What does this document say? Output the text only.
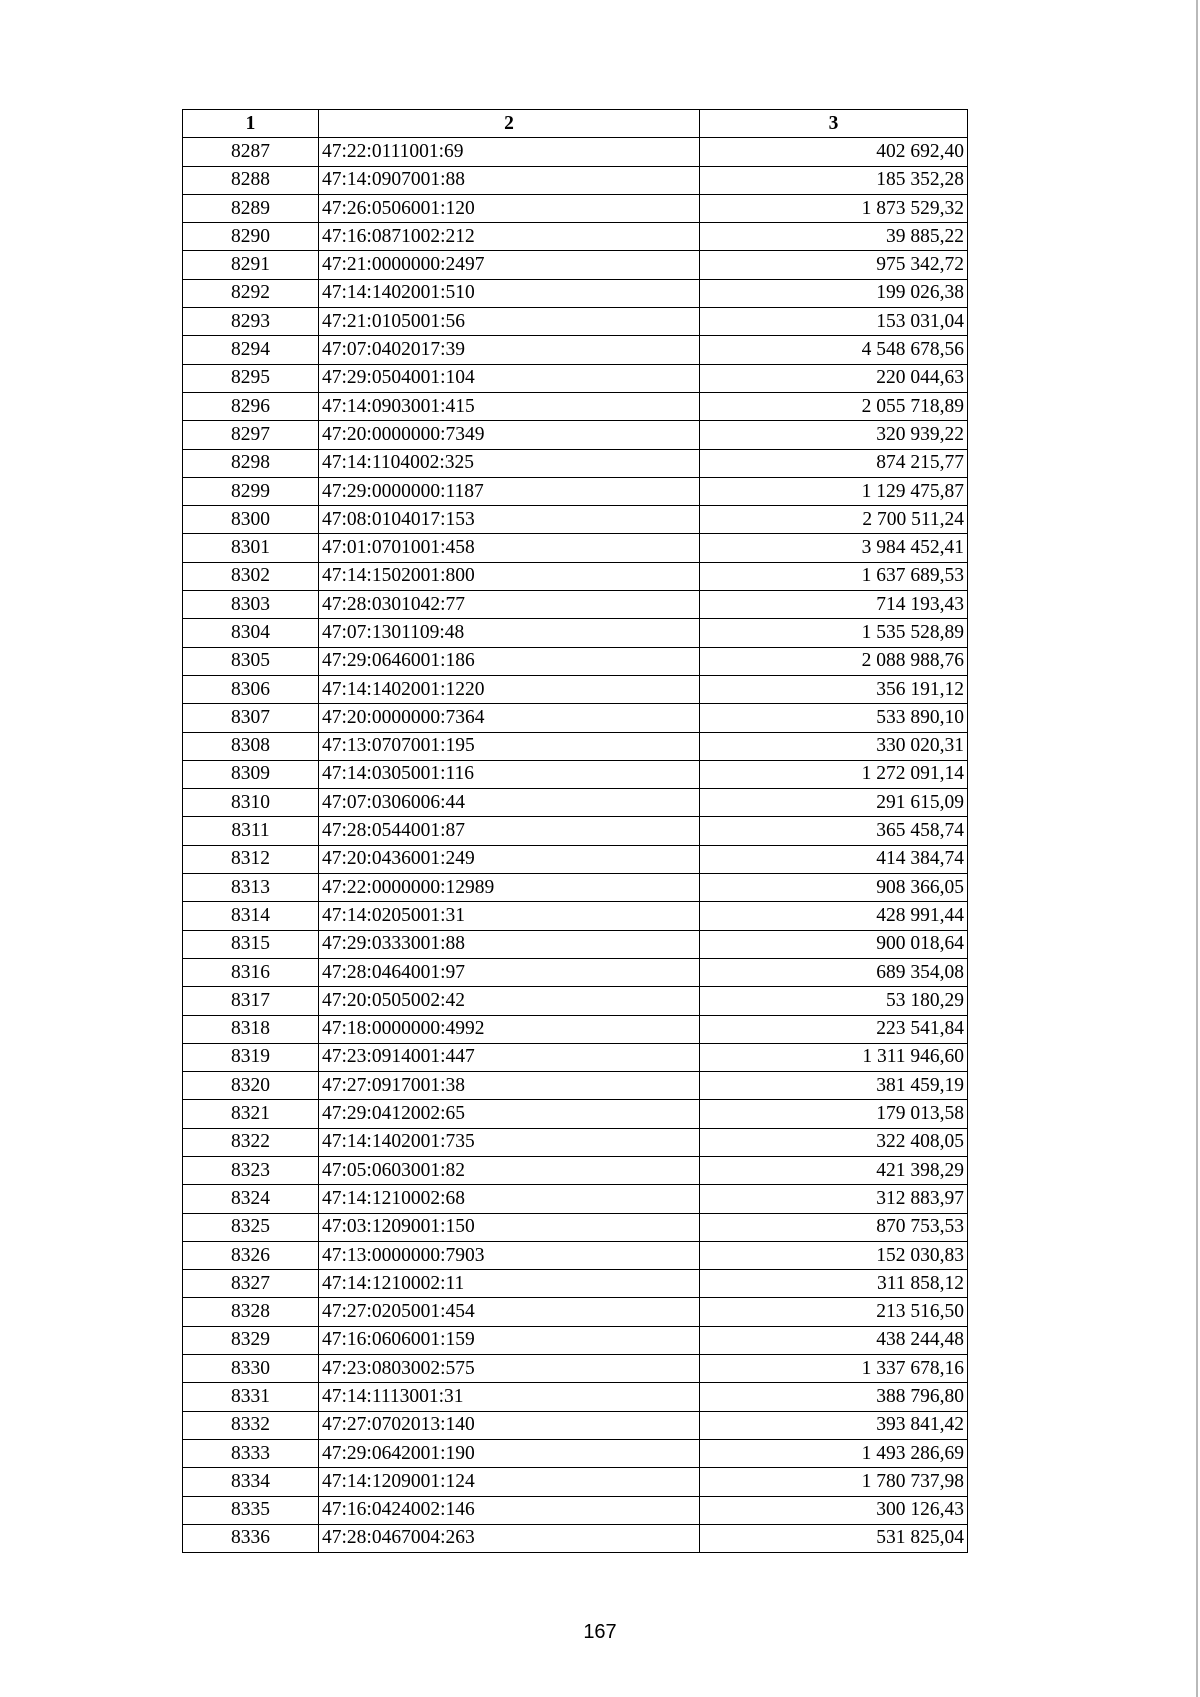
1	2	3
8287	47:22:0111001:69	402 692,40
8288	47:14:0907001:88	185 352,28
8289	47:26:0506001:120	1 873 529,32
8290	47:16:0871002:212	39 885,22
8291	47:21:0000000:2497	975 342,72
8292	47:14:1402001:510	199 026,38
8293	47:21:0105001:56	153 031,04
8294	47:07:0402017:39	4 548 678,56
8295	47:29:0504001:104	220 044,63
8296	47:14:0903001:415	2 055 718,89
8297	47:20:0000000:7349	320 939,22
8298	47:14:1104002:325	874 215,77
8299	47:29:0000000:1187	1 129 475,87
8300	47:08:0104017:153	2 700 511,24
8301	47:01:0701001:458	3 984 452,41
8302	47:14:1502001:800	1 637 689,53
8303	47:28:0301042:77	714 193,43
8304	47:07:1301109:48	1 535 528,89
8305	47:29:0646001:186	2 088 988,76
8306	47:14:1402001:1220	356 191,12
8307	47:20:0000000:7364	533 890,10
8308	47:13:0707001:195	330 020,31
8309	47:14:0305001:116	1 272 091,14
8310	47:07:0306006:44	291 615,09
8311	47:28:0544001:87	365 458,74
8312	47:20:0436001:249	414 384,74
8313	47:22:0000000:12989	908 366,05
8314	47:14:0205001:31	428 991,44
8315	47:29:0333001:88	900 018,64
8316	47:28:0464001:97	689 354,08
8317	47:20:0505002:42	53 180,29
8318	47:18:0000000:4992	223 541,84
8319	47:23:0914001:447	1 311 946,60
8320	47:27:0917001:38	381 459,19
8321	47:29:0412002:65	179 013,58
8322	47:14:1402001:735	322 408,05
8323	47:05:0603001:82	421 398,29
8324	47:14:1210002:68	312 883,97
8325	47:03:1209001:150	870 753,53
8326	47:13:0000000:7903	152 030,83
8327	47:14:1210002:11	311 858,12
8328	47:27:0205001:454	213 516,50
8329	47:16:0606001:159	438 244,48
8330	47:23:0803002:575	1 337 678,16
8331	47:14:1113001:31	388 796,80
8332	47:27:0702013:140	393 841,42
8333	47:29:0642001:190	1 493 286,69
8334	47:14:1209001:124	1 780 737,98
8335	47:16:0424002:146	300 126,43
8336	47:28:0467004:263	531 825,04
167
